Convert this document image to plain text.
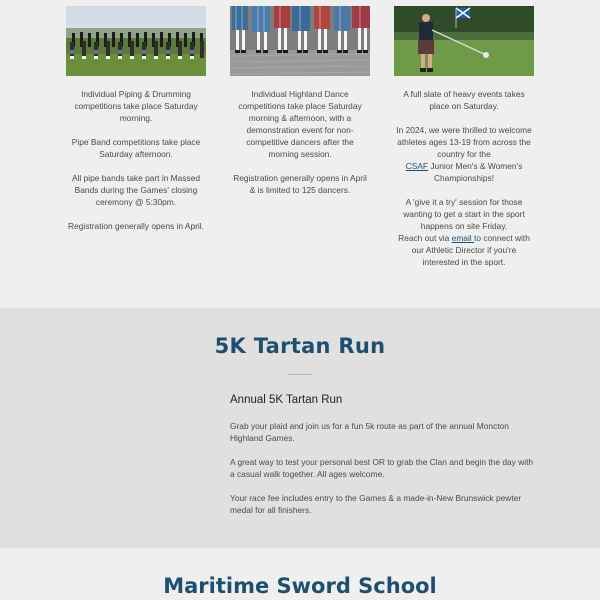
Individual Piping & Drumming competitions take place Saturday morning.

Pipe Band competitions take place Saturday afternoon.

All pipe bands take part in Massed Bands during the Games' closing ceremony @ 5:30pm.

Registration generally opens in April.

Individual Highland Dance competitions take place Saturday morning & afternoon, with a demonstration event for non-competitive dancers after the morning session.

Registration generally opens in April & is limited to 125 dancers.

A full slate of heavy events takes place on Saturday.

In 2024, we were thrilled to welcome athletes ages 13-19 from across the country for the
CSAF Junior Men's & Women's Championships!

A 'give it a try' session for those wanting to get a start in the sport happens on site Friday.
Reach out via email to connect with our Athletic Director if you're interested in the sport.

5K Tartan Run
Annual 5K Tartan Run

Grab your plaid and join us for a fun 5k route as part of the annual Moncton Highland Games.

A great way to test your personal best OR to grab the Clan and begin the day with a casual walk together. All ages welcome.

Your race fee includes entry to the Games & a made-in-New Brunswick pewter medal for all finishers.

Maritime Sword School
